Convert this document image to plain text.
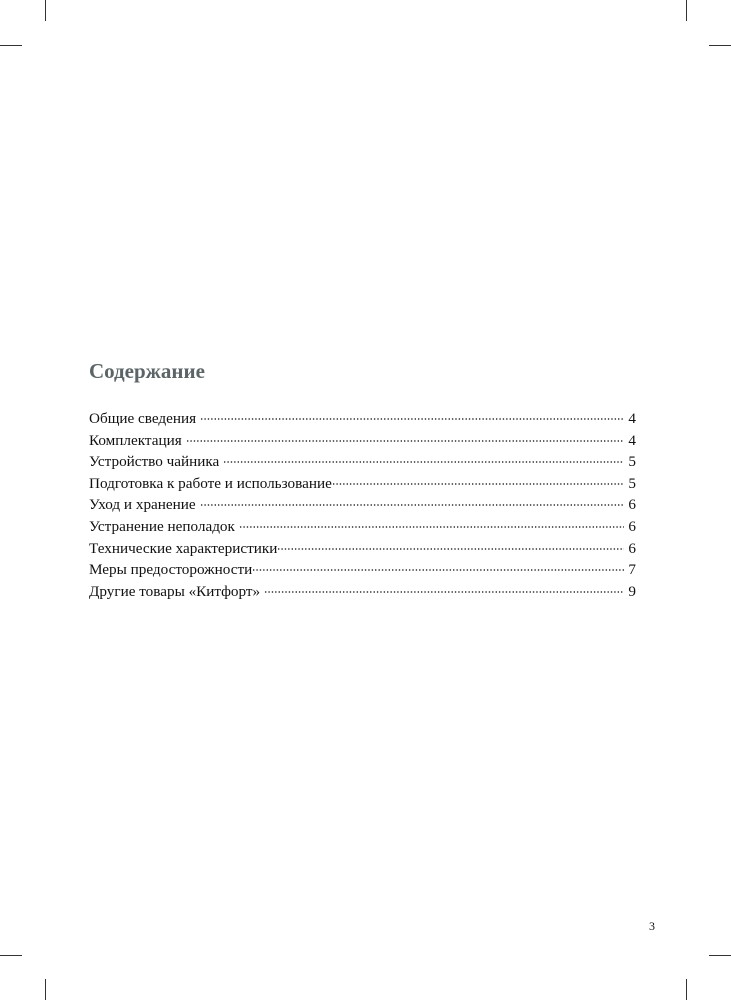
Содержание
Общие сведения	4
Комплектация	4
Устройство чайника	5
Подготовка к работе и использование	5
Уход и хранение	6
Устранение неполадок	6
Технические характеристики	6
Меры предосторожности	7
Другие товары «Китфорт»	9
3
